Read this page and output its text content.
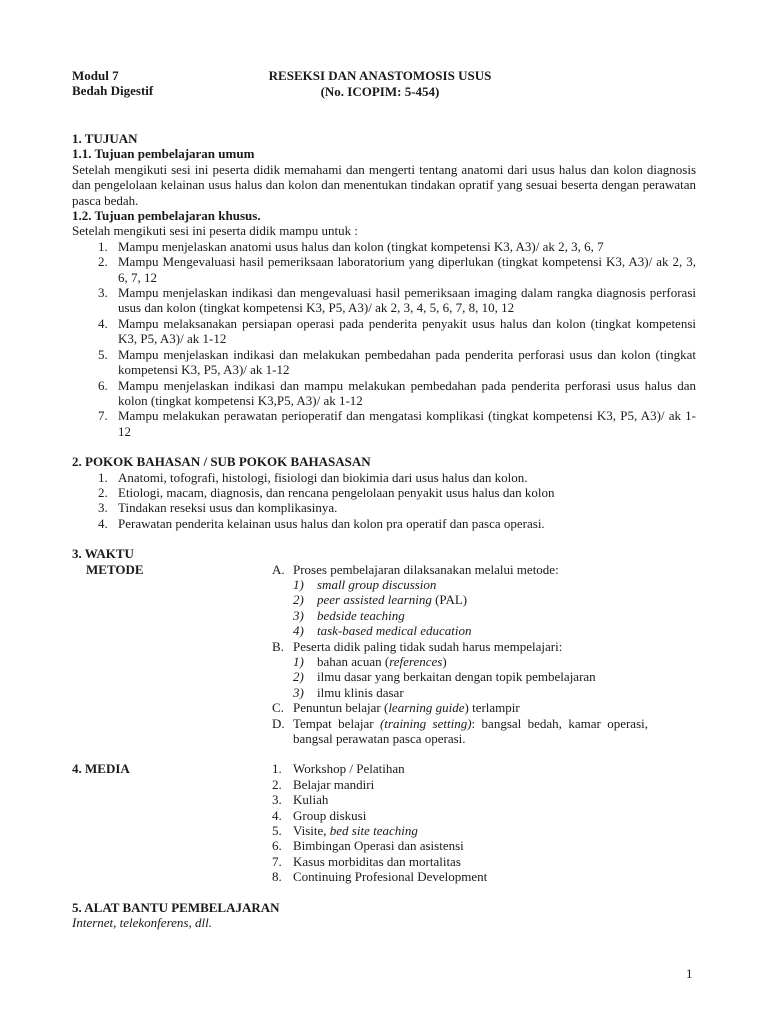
Modul 7
Bedah Digestif
RESEKSI DAN ANASTOMOSIS USUS
(No. ICOPIM: 5-454)
1. TUJUAN
1.1. Tujuan pembelajaran umum
Setelah mengikuti sesi ini peserta didik memahami dan mengerti tentang anatomi dari usus halus dan kolon diagnosis dan pengelolaan kelainan usus halus dan kolon dan menentukan tindakan opratif yang sesuai beserta dengan perawatan pasca bedah.
1.2. Tujuan pembelajaran khusus.
Setelah mengikuti sesi ini peserta didik mampu untuk :
1. Mampu menjelaskan anatomi usus halus dan kolon (tingkat kompetensi K3, A3)/ ak 2, 3, 6, 7
2. Mampu Mengevaluasi hasil pemeriksaan laboratorium yang diperlukan (tingkat kompetensi K3, A3)/ ak 2, 3, 6, 7, 12
3. Mampu menjelaskan indikasi dan mengevaluasi hasil pemeriksaan imaging dalam rangka diagnosis perforasi usus dan kolon (tingkat kompetensi K3, P5, A3)/ ak 2, 3, 4, 5, 6, 7, 8, 10, 12
4. Mampu melaksanakan persiapan operasi pada penderita penyakit usus halus dan kolon (tingkat kompetensi K3, P5, A3)/ ak 1-12
5. Mampu menjelaskan indikasi dan melakukan pembedahan pada penderita perforasi usus dan kolon (tingkat kompetensi K3, P5, A3)/ ak 1-12
6. Mampu menjelaskan indikasi dan mampu melakukan pembedahan pada penderita perforasi usus halus dan kolon (tingkat kompetensi K3,P5, A3)/ ak 1-12
7. Mampu melakukan perawatan perioperatif dan mengatasi komplikasi (tingkat kompetensi K3, P5, A3)/ ak 1-12
2. POKOK BAHASAN / SUB POKOK BAHASASAN
1. Anatomi, tofografi, histologi, fisiologi dan biokimia dari usus halus dan kolon.
2. Etiologi, macam, diagnosis, dan rencana pengelolaan penyakit usus halus dan kolon
3. Tindakan reseksi usus dan komplikasinya.
4. Perawatan penderita kelainan usus halus dan kolon pra operatif dan pasca operasi.
3. WAKTU
METODE	A. Proses pembelajaran dilaksanakan melalui metode:
1) small group discussion
2) peer assisted learning (PAL)
3) bedside teaching
4) task-based medical education
B. Peserta didik paling tidak sudah harus mempelajari:
1) bahan acuan (references)
2) ilmu dasar yang berkaitan dengan topik pembelajaran
3) ilmu klinis dasar
C. Penuntun belajar (learning guide) terlampir
D. Tempat belajar (training setting): bangsal bedah, kamar operasi, bangsal perawatan pasca operasi.
4. MEDIA	1. Workshop / Pelatihan
2. Belajar mandiri
3. Kuliah
4. Group diskusi
5. Visite, bed site teaching
6. Bimbingan Operasi dan asistensi
7. Kasus morbiditas dan mortalitas
8. Continuing Profesional Development
5. ALAT BANTU PEMBELAJARAN
Internet, telekonferens, dll.
1
